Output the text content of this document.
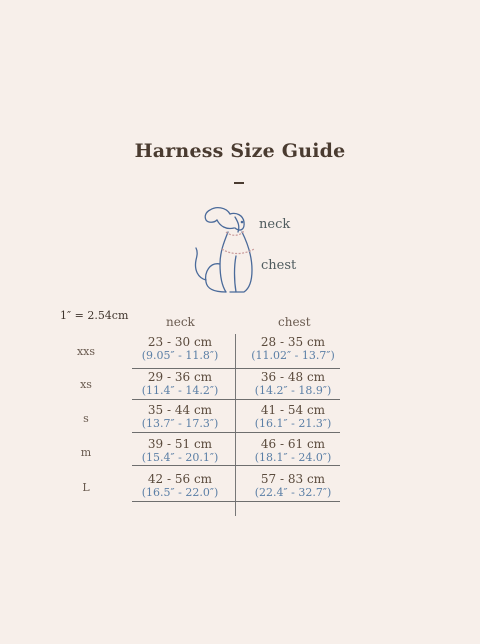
Harness Size Guide
neck
chest
1″ = 2.54cm	neck	chest
xxs
23 - 30 cm
(9.05″ - 11.8″)
28 - 35 cm
(11.02″ - 13.7″)
xs
29 - 36 cm
(11.4″ - 14.2″)
36 - 48 cm
(14.2″ - 18.9″)
s
35 - 44 cm
(13.7″ - 17.3″)
41 - 54 cm
(16.1″ - 21.3″)
m
39 - 51 cm
(15.4″ - 20.1″)
46 - 61 cm
(18.1″ - 24.0″)
L
42 - 56 cm
(16.5″ - 22.0″)
57 - 83 cm
(22.4″ - 32.7″)
